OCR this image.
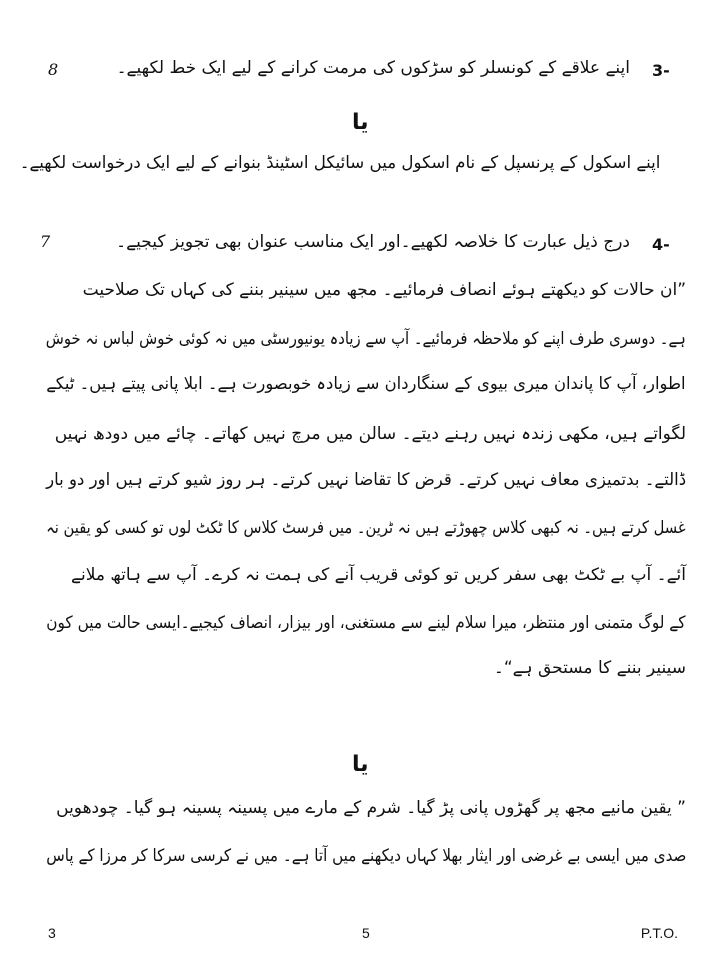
8	اپنے علاقے کے کونسلر کو سڑکوں کی مرمت کرانے کے لیے ایک خط لکھیے۔ 3-
یا
اپنے اسکول کے پرنسپل کے نام اسکول میں سائیکل اسٹینڈ بنوانے کے لیے ایک درخواست لکھیے۔
7	درج ذیل عبارت کا خلاصہ لکھیے۔اور ایک مناسب عنوان بھی تجویز کیجیے۔ 4-
”ان حالات کو دیکھتے ہوئے انصاف فرمائیے۔ مجھ میں سینیر بننے کی کہاں تک صلاحیت
ہے۔ دوسری طرف اپنے کو ملاحظہ فرمائیے۔ آپ سے زیادہ یونیورسٹی میں نہ کوئی خوش لباس نہ خوش
اطوار، آپ کا پاندان میری بیوی کے سنگاردان سے زیادہ خوبصورت ہے۔ ابلا پانی پیتے ہیں۔ ٹیکے
لگواتے ہیں، مکھی زندہ نہیں رہنے دیتے۔ سالن میں مرچ نہیں کھاتے۔ چائے میں دودھ نہیں
ڈالتے۔ بدتمیزی معاف نہیں کرتے۔ قرض کا تقاضا نہیں کرتے۔ ہر روز شیو کرتے ہیں اور دو بار
غسل کرتے ہیں۔ نہ کبھی کلاس چھوڑتے ہیں نہ ٹرین۔ میں فرسٹ کلاس کا ٹکٹ لوں تو کسی کو یقین نہ
آئے۔ آپ بے ٹکٹ بھی سفر کریں تو کوئی قریب آنے کی ہمت نہ کرے۔ آپ سے ہاتھ ملانے
کے لوگ متمنی اور منتظر، میرا سلام لینے سے مستغنی، اور بیزار، انصاف کیجیے۔ایسی حالت میں کون
سینیر بننے کا مستحق ہے“۔
یا
” یقین مانیے مجھ پر گھڑوں پانی پڑ گیا۔ شرم کے مارے میں پسینہ پسینہ ہو گیا۔ چودھویں
صدی میں ایسی بے غرضی اور ایثار بھلا کہاں دیکھنے میں آتا ہے۔ میں نے کرسی سرکا کر مرزا کے پاس
3	5	P.T.O.
